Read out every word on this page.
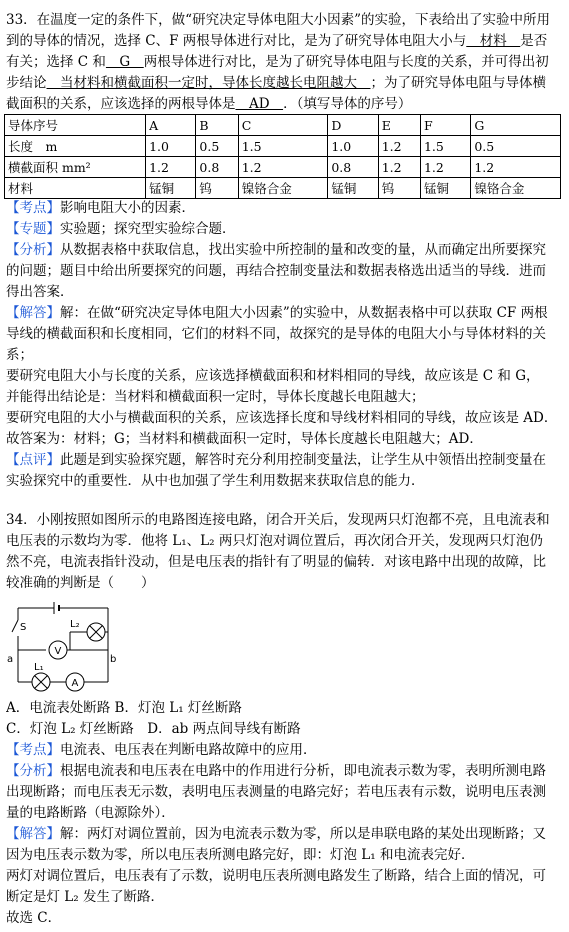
33．在温度一定的条件下，做“研究决定导体电阻大小因素”的实验，下表给出了实验中所用
到的导体的情况，选择 C、F 两根导体进行对比，是为了研究导体电阻大小与　材料　是否
有关；选择 C 和　G　两根导体进行对比，是为了研究导体电阻与长度的关系，并可得出初
步结论　当材料和横截面积一定时，导体长度越长电阻越大　；为了研究导体电阻与导体横
截面积的关系，应该选择的两根导体是　AD　．（填写导体的序号）
导体序号	A	B	C	D	E	F	G
长度　m	1.0	0.5	1.5	1.0	1.2	1.5	0.5
横截面积 mm²	1.2	0.8	1.2	0.8	1.2	1.2	1.2
材料	锰铜	钨	镍铬合金	锰铜	钨	锰铜	镍铬合金
【考点】影响电阻大小的因素．
【专题】实验题；探究型实验综合题．
【分析】从数据表格中获取信息，找出实验中所控制的量和改变的量，从而确定出所要探究
的问题；题目中给出所要探究的问题，再结合控制变量法和数据表格选出适当的导线．进而
得出答案．
【解答】解：在做“研究决定导体电阻大小因素”的实验中，从数据表格中可以获取 CF 两根
导线的横截面积和长度相同，它们的材料不同，故探究的是导体的电阻大小与导体材料的关
系；
要研究电阻大小与长度的关系，应该选择横截面积和材料相同的导线，故应该是 C 和 G，
并能得出结论是：当材料和横截面积一定时，导体长度越长电阻越大；
要研究电阻的大小与横截面积的关系，应该选择长度和导线材料相同的导线，故应该是 AD．
故答案为：材料；G；当材料和横截面积一定时，导体长度越长电阻越大；AD．
【点评】此题是到实验探究题，解答时充分利用控制变量法，让学生从中领悟出控制变量在
实验探究中的重要性．从中也加强了学生利用数据来获取信息的能力．
34．小刚按照如图所示的电路图连接电路，闭合开关后，发现两只灯泡都不亮，且电流表和
电压表的示数均为零．他将 L₁、L₂ 两只灯泡对调位置后，再次闭合开关，发现两只灯泡仍
然不亮，电流表指针没动，但是电压表的指针有了明显的偏转．对该电路中出现的故障，比
较准确的判断是（　　）
S	L₂
V
a	b
L₁
A
A．电流表处断路 B．灯泡 L₁ 灯丝断路
C．灯泡 L₂ 灯丝断路　D．ab 两点间导线有断路
【考点】电流表、电压表在判断电路故障中的应用．
【分析】根据电流表和电压表在电路中的作用进行分析，即电流表示数为零，表明所测电路
出现断路；而电压表无示数，表明电压表测量的电路完好；若电压表有示数，说明电压表测
量的电路断路（电源除外）．
【解答】解：两灯对调位置前，因为电流表示数为零，所以是串联电路的某处出现断路；又
因为电压表示数为零，所以电压表所测电路完好，即：灯泡 L₁ 和电流表完好．
两灯对调位置后，电压表有了示数，说明电压表所测电路发生了断路，结合上面的情况，可
断定是灯 L₂ 发生了断路．
故选 C．
